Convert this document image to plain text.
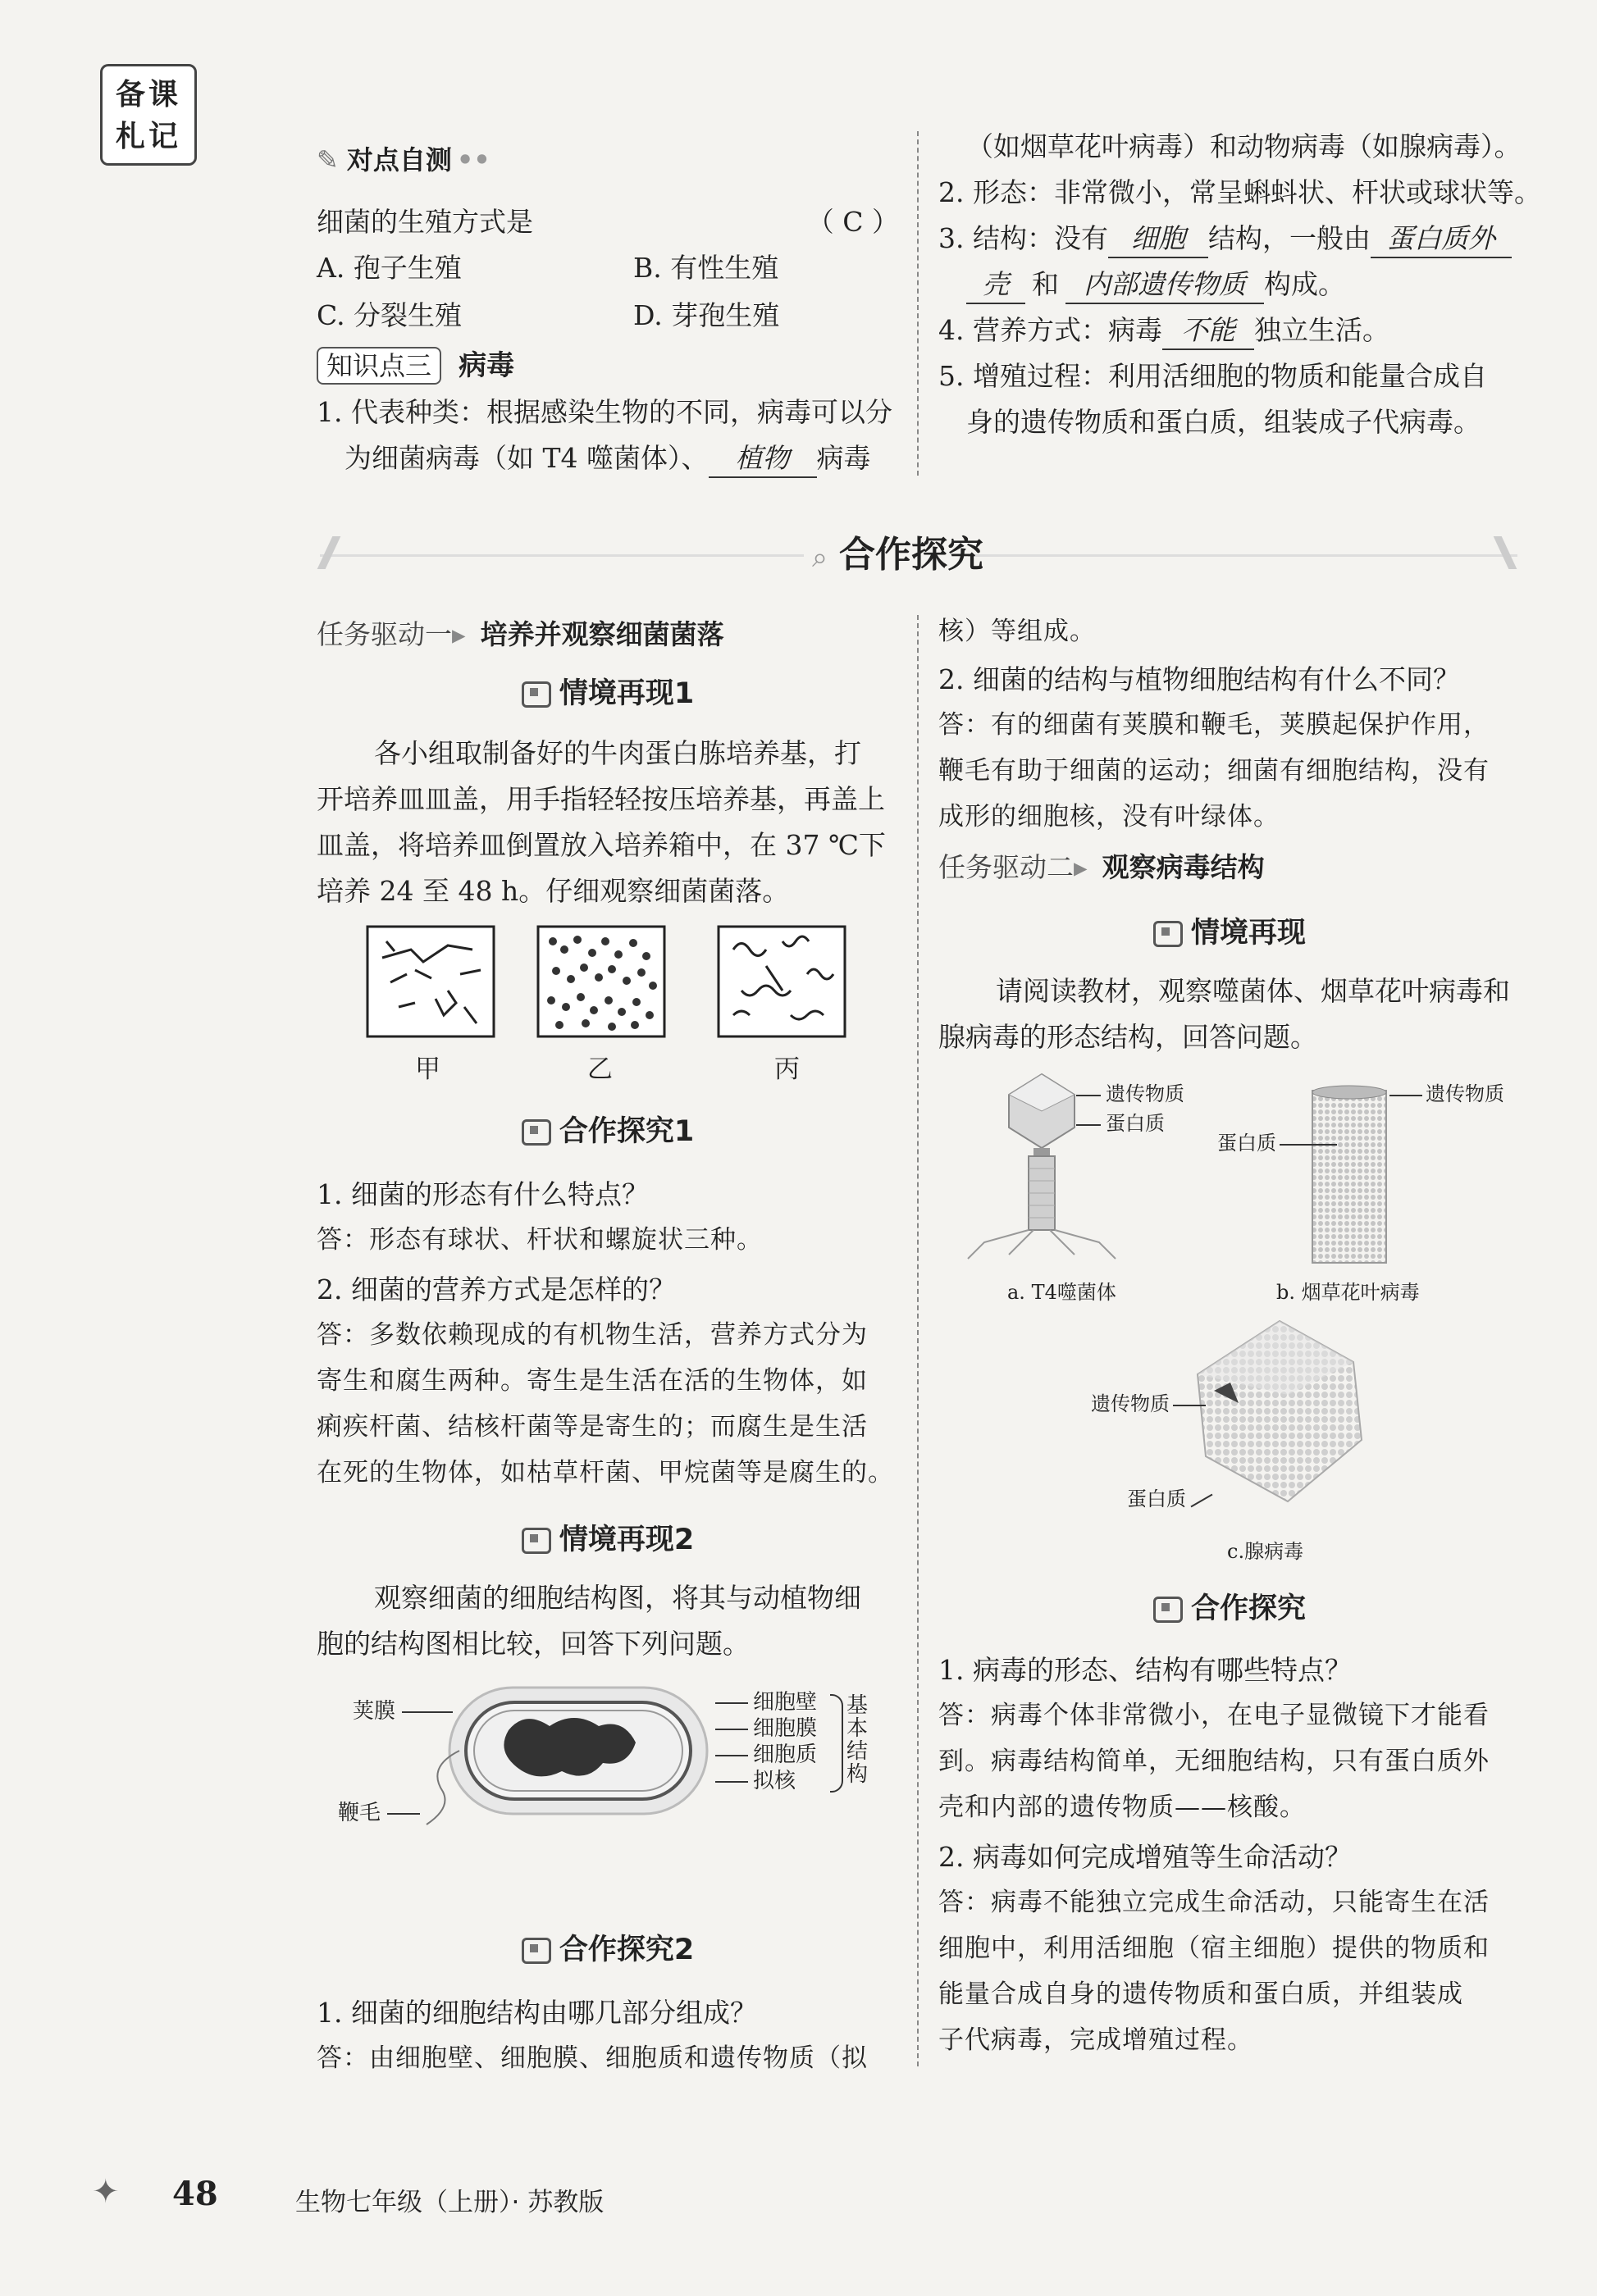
备课
札记
✎ 对点自测 ••
细菌的生殖方式是	（ C ）
A. 孢子生殖	B. 有性生殖
C. 分裂生殖	D. 芽孢生殖
知识点三 病毒
1. 代表种类：根据感染生物的不同，病毒可以分
为细菌病毒（如 T4 噬菌体）、 植物 病毒
（如烟草花叶病毒）和动物病毒（如腺病毒）。
2. 形态：非常微小，常呈蝌蚪状、杆状或球状等。
3. 结构：没有 细胞 结构，一般由 蛋白质外
壳 和 内部遗传物质 构成。
4. 营养方式：病毒 不能 独立生活。
5. 增殖过程：利用活细胞的物质和能量合成自
身的遗传物质和蛋白质，组装成子代病毒。
⌕ 合作探究
任务驱动一▸ 培养并观察细菌菌落
情境再现1
各小组取制备好的牛肉蛋白胨培养基，打
开培养皿皿盖，用手指轻轻按压培养基，再盖上
皿盖，将培养皿倒置放入培养箱中，在 37 ℃下
培养 24 至 48 h。仔细观察细菌菌落。
甲	乙	丙
合作探究1
1. 细菌的形态有什么特点？
答：形态有球状、杆状和螺旋状三种。
2. 细菌的营养方式是怎样的？
答：多数依赖现成的有机物生活，营养方式分为
寄生和腐生两种。寄生是生活在活的生物体，如
痢疾杆菌、结核杆菌等是寄生的；而腐生是生活
在死的生物体，如枯草杆菌、甲烷菌等是腐生的。
情境再现2
观察细菌的细胞结构图，将其与动植物细
胞的结构图相比较，回答下列问题。
荚膜
鞭毛
细胞壁
细胞膜
细胞质
拟核
基
本
结
构
合作探究2
1. 细菌的细胞结构由哪几部分组成？
答：由细胞壁、细胞膜、细胞质和遗传物质（拟
核）等组成。
2. 细菌的结构与植物细胞结构有什么不同？
答：有的细菌有荚膜和鞭毛，荚膜起保护作用，
鞭毛有助于细菌的运动；细菌有细胞结构，没有
成形的细胞核，没有叶绿体。
任务驱动二▸ 观察病毒结构
情境再现
请阅读教材，观察噬菌体、烟草花叶病毒和
腺病毒的形态结构，回答问题。
遗传物质
蛋白质
遗传物质
蛋白质
a. T4噬菌体	b. 烟草花叶病毒
遗传物质
蛋白质
c.腺病毒
合作探究
1. 病毒的形态、结构有哪些特点？
答：病毒个体非常微小，在电子显微镜下才能看
到。病毒结构简单，无细胞结构，只有蛋白质外
壳和内部的遗传物质——核酸。
2. 病毒如何完成增殖等生命活动？
答：病毒不能独立完成生命活动，只能寄生在活
细胞中，利用活细胞（宿主细胞）提供的物质和
能量合成自身的遗传物质和蛋白质，并组装成
子代病毒，完成增殖过程。
✦ 48	生物七年级（上册）· 苏教版
